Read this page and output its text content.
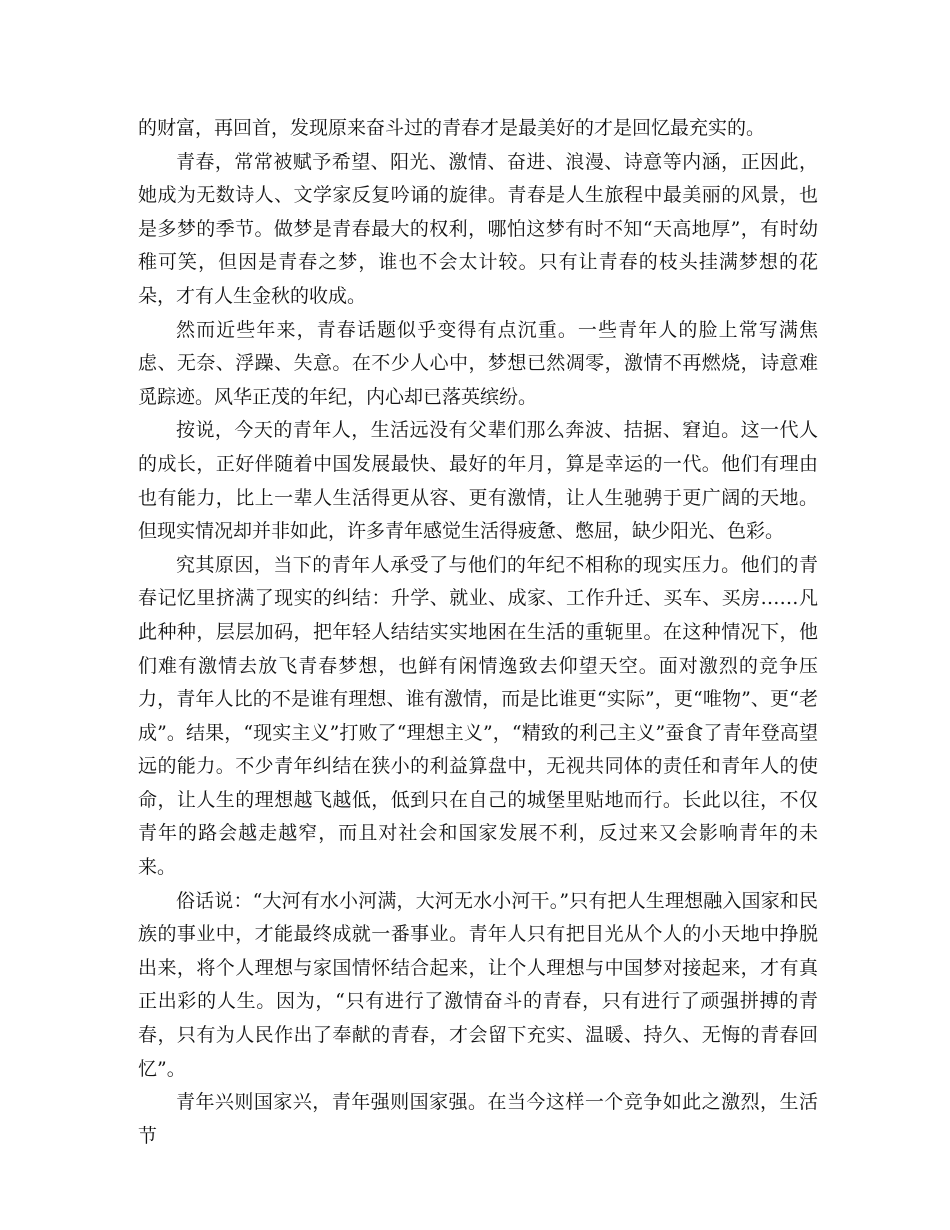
的财富，再回首，发现原来奋斗过的青春才是最美好的才是回忆最充实的。

青春，常常被赋予希望、阳光、激情、奋进、浪漫、诗意等内涵，正因此，她成为无数诗人、文学家反复吟诵的旋律。青春是人生旅程中最美丽的风景，也是多梦的季节。做梦是青春最大的权利，哪怕这梦有时不知“天高地厚”，有时幼稚可笑，但因是青春之梦，谁也不会太计较。只有让青春的枝头挂满梦想的花朵，才有人生金秋的收成。

然而近些年来，青春话题似乎变得有点沉重。一些青年人的脸上常写满焦虑、无奈、浮躁、失意。在不少人心中，梦想已然凋零，激情不再燃烧，诗意难觅踪迹。风华正茂的年纪，内心却已落英缤纷。

按说，今天的青年人，生活远没有父辈们那么奔波、拮据、窘迫。这一代人的成长，正好伴随着中国发展最快、最好的年月，算是幸运的一代。他们有理由也有能力，比上一辈人生活得更从容、更有激情，让人生驰骋于更广阔的天地。但现实情况却并非如此，许多青年感觉生活得疲惫、憋屈，缺少阳光、色彩。

究其原因，当下的青年人承受了与他们的年纪不相称的现实压力。他们的青春记忆里挤满了现实的纠结：升学、就业、成家、工作升迁、买车、买房……凡此种种，层层加码，把年轻人结结实实地困在生活的重轭里。在这种情况下，他们难有激情去放飞青春梦想，也鲜有闲情逸致去仰望天空。面对激烈的竞争压力，青年人比的不是谁有理想、谁有激情，而是比谁更“实际”，更“唯物”、更“老成”。结果，“现实主义”打败了“理想主义”，“精致的利己主义”蚕食了青年登高望远的能力。不少青年纠结在狭小的利益算盘中，无视共同体的责任和青年人的使命，让人生的理想越飞越低，低到只在自己的城堡里贴地而行。长此以往，不仅青年的路会越走越窄，而且对社会和国家发展不利，反过来又会影响青年的未来。

俗话说：“大河有水小河满，大河无水小河干。”只有把人生理想融入国家和民族的事业中，才能最终成就一番事业。青年人只有把目光从个人的小天地中挣脱出来，将个人理想与家国情怀结合起来，让个人理想与中国梦对接起来，才有真正出彩的人生。因为，“只有进行了激情奋斗的青春，只有进行了顽强拼搏的青春，只有为人民作出了奉献的青春，才会留下充实、温暖、持久、无悔的青春回忆”。

青年兴则国家兴，青年强则国家强。在当今这样一个竞争如此之激烈，生活节
